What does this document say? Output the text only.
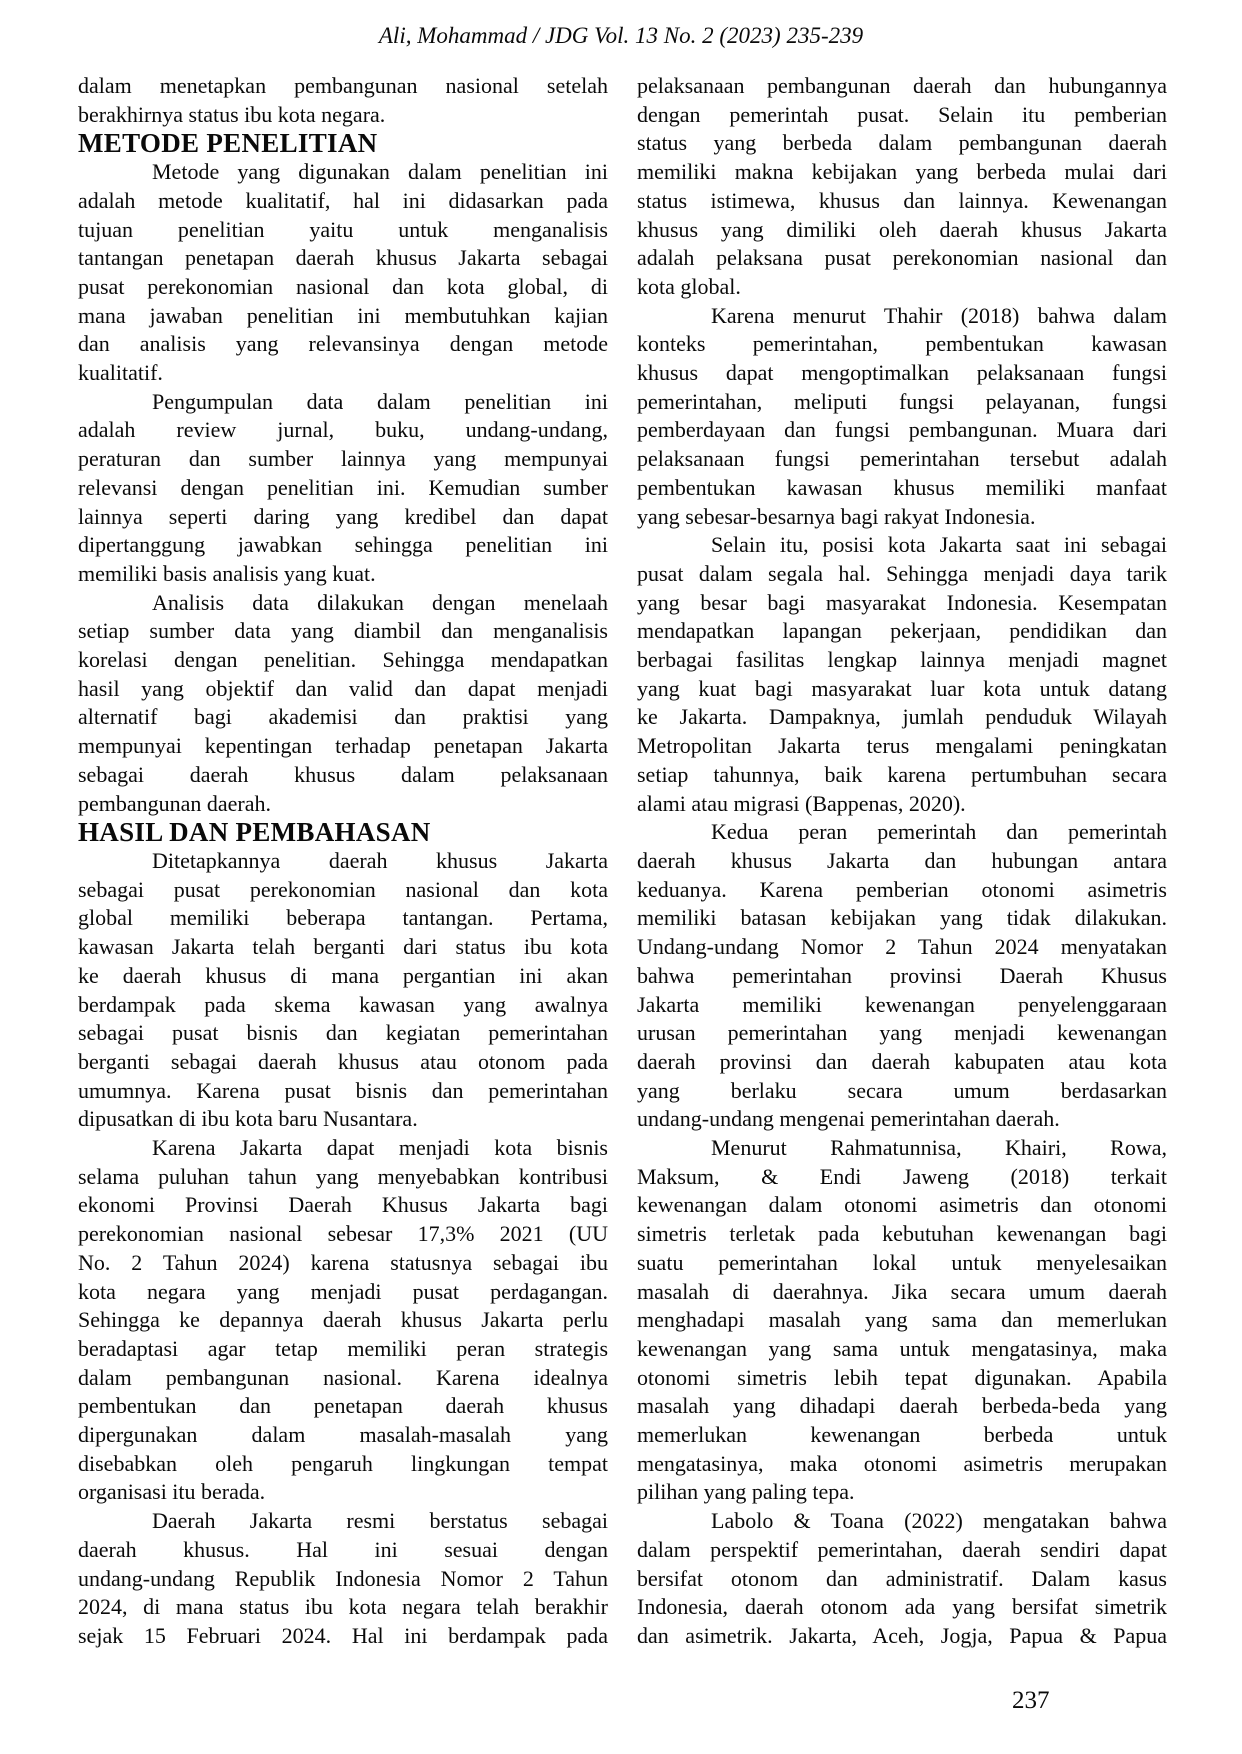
Ali, Mohammad / JDG Vol. 13 No. 2 (2023) 235-239
dalam menetapkan pembangunan nasional setelah
berakhirnya status ibu kota negara.
METODE PENELITIAN
Metode yang digunakan dalam penelitian ini
adalah metode kualitatif, hal ini didasarkan pada
tujuan penelitian yaitu untuk menganalisis
tantangan penetapan daerah khusus Jakarta sebagai
pusat perekonomian nasional dan kota global, di
mana jawaban penelitian ini membutuhkan kajian
dan analisis yang relevansinya dengan metode
kualitatif.
Pengumpulan data dalam penelitian ini
adalah review jurnal, buku, undang-undang,
peraturan dan sumber lainnya yang mempunyai
relevansi dengan penelitian ini. Kemudian sumber
lainnya seperti daring yang kredibel dan dapat
dipertanggung jawabkan sehingga penelitian ini
memiliki basis analisis yang kuat.
Analisis data dilakukan dengan menelaah
setiap sumber data yang diambil dan menganalisis
korelasi dengan penelitian. Sehingga mendapatkan
hasil yang objektif dan valid dan dapat menjadi
alternatif bagi akademisi dan praktisi yang
mempunyai kepentingan terhadap penetapan Jakarta
sebagai daerah khusus dalam pelaksanaan
pembangunan daerah.
HASIL DAN PEMBAHASAN
Ditetapkannya daerah khusus Jakarta
sebagai pusat perekonomian nasional dan kota
global memiliki beberapa tantangan. Pertama,
kawasan Jakarta telah berganti dari status ibu kota
ke daerah khusus di mana pergantian ini akan
berdampak pada skema kawasan yang awalnya
sebagai pusat bisnis dan kegiatan pemerintahan
berganti sebagai daerah khusus atau otonom pada
umumnya. Karena pusat bisnis dan pemerintahan
dipusatkan di ibu kota baru Nusantara.
Karena Jakarta dapat menjadi kota bisnis
selama puluhan tahun yang menyebabkan kontribusi
ekonomi Provinsi Daerah Khusus Jakarta bagi
perekonomian nasional sebesar 17,3% 2021 (UU
No. 2 Tahun 2024) karena statusnya sebagai ibu
kota negara yang menjadi pusat perdagangan.
Sehingga ke depannya daerah khusus Jakarta perlu
beradaptasi agar tetap memiliki peran strategis
dalam pembangunan nasional. Karena idealnya
pembentukan dan penetapan daerah khusus
dipergunakan dalam masalah-masalah yang
disebabkan oleh pengaruh lingkungan tempat
organisasi itu berada.
Daerah Jakarta resmi berstatus sebagai
daerah khusus. Hal ini sesuai dengan
undang-undang Republik Indonesia Nomor 2 Tahun
2024, di mana status ibu kota negara telah berakhir
sejak 15 Februari 2024. Hal ini berdampak pada
pelaksanaan pembangunan daerah dan hubungannya
dengan pemerintah pusat. Selain itu pemberian
status yang berbeda dalam pembangunan daerah
memiliki makna kebijakan yang berbeda mulai dari
status istimewa, khusus dan lainnya. Kewenangan
khusus yang dimiliki oleh daerah khusus Jakarta
adalah pelaksana pusat perekonomian nasional dan
kota global.
Karena menurut Thahir (2018) bahwa dalam
konteks pemerintahan, pembentukan kawasan
khusus dapat mengoptimalkan pelaksanaan fungsi
pemerintahan, meliputi fungsi pelayanan, fungsi
pemberdayaan dan fungsi pembangunan. Muara dari
pelaksanaan fungsi pemerintahan tersebut adalah
pembentukan kawasan khusus memiliki manfaat
yang sebesar-besarnya bagi rakyat Indonesia.
Selain itu, posisi kota Jakarta saat ini sebagai
pusat dalam segala hal. Sehingga menjadi daya tarik
yang besar bagi masyarakat Indonesia. Kesempatan
mendapatkan lapangan pekerjaan, pendidikan dan
berbagai fasilitas lengkap lainnya menjadi magnet
yang kuat bagi masyarakat luar kota untuk datang
ke Jakarta. Dampaknya, jumlah penduduk Wilayah
Metropolitan Jakarta terus mengalami peningkatan
setiap tahunnya, baik karena pertumbuhan secara
alami atau migrasi (Bappenas, 2020).
Kedua peran pemerintah dan pemerintah
daerah khusus Jakarta dan hubungan antara
keduanya. Karena pemberian otonomi asimetris
memiliki batasan kebijakan yang tidak dilakukan.
Undang-undang Nomor 2 Tahun 2024 menyatakan
bahwa pemerintahan provinsi Daerah Khusus
Jakarta memiliki kewenangan penyelenggaraan
urusan pemerintahan yang menjadi kewenangan
daerah provinsi dan daerah kabupaten atau kota
yang berlaku secara umum berdasarkan
undang-undang mengenai pemerintahan daerah.
Menurut Rahmatunnisa, Khairi, Rowa,
Maksum, & Endi Jaweng (2018) terkait
kewenangan dalam otonomi asimetris dan otonomi
simetris terletak pada kebutuhan kewenangan bagi
suatu pemerintahan lokal untuk menyelesaikan
masalah di daerahnya. Jika secara umum daerah
menghadapi masalah yang sama dan memerlukan
kewenangan yang sama untuk mengatasinya, maka
otonomi simetris lebih tepat digunakan. Apabila
masalah yang dihadapi daerah berbeda-beda yang
memerlukan kewenangan berbeda untuk
mengatasinya, maka otonomi asimetris merupakan
pilihan yang paling tepa.
Labolo & Toana (2022) mengatakan bahwa
dalam perspektif pemerintahan, daerah sendiri dapat
bersifat otonom dan administratif. Dalam kasus
Indonesia, daerah otonom ada yang bersifat simetrik
dan asimetrik. Jakarta, Aceh, Jogja, Papua & Papua
237
